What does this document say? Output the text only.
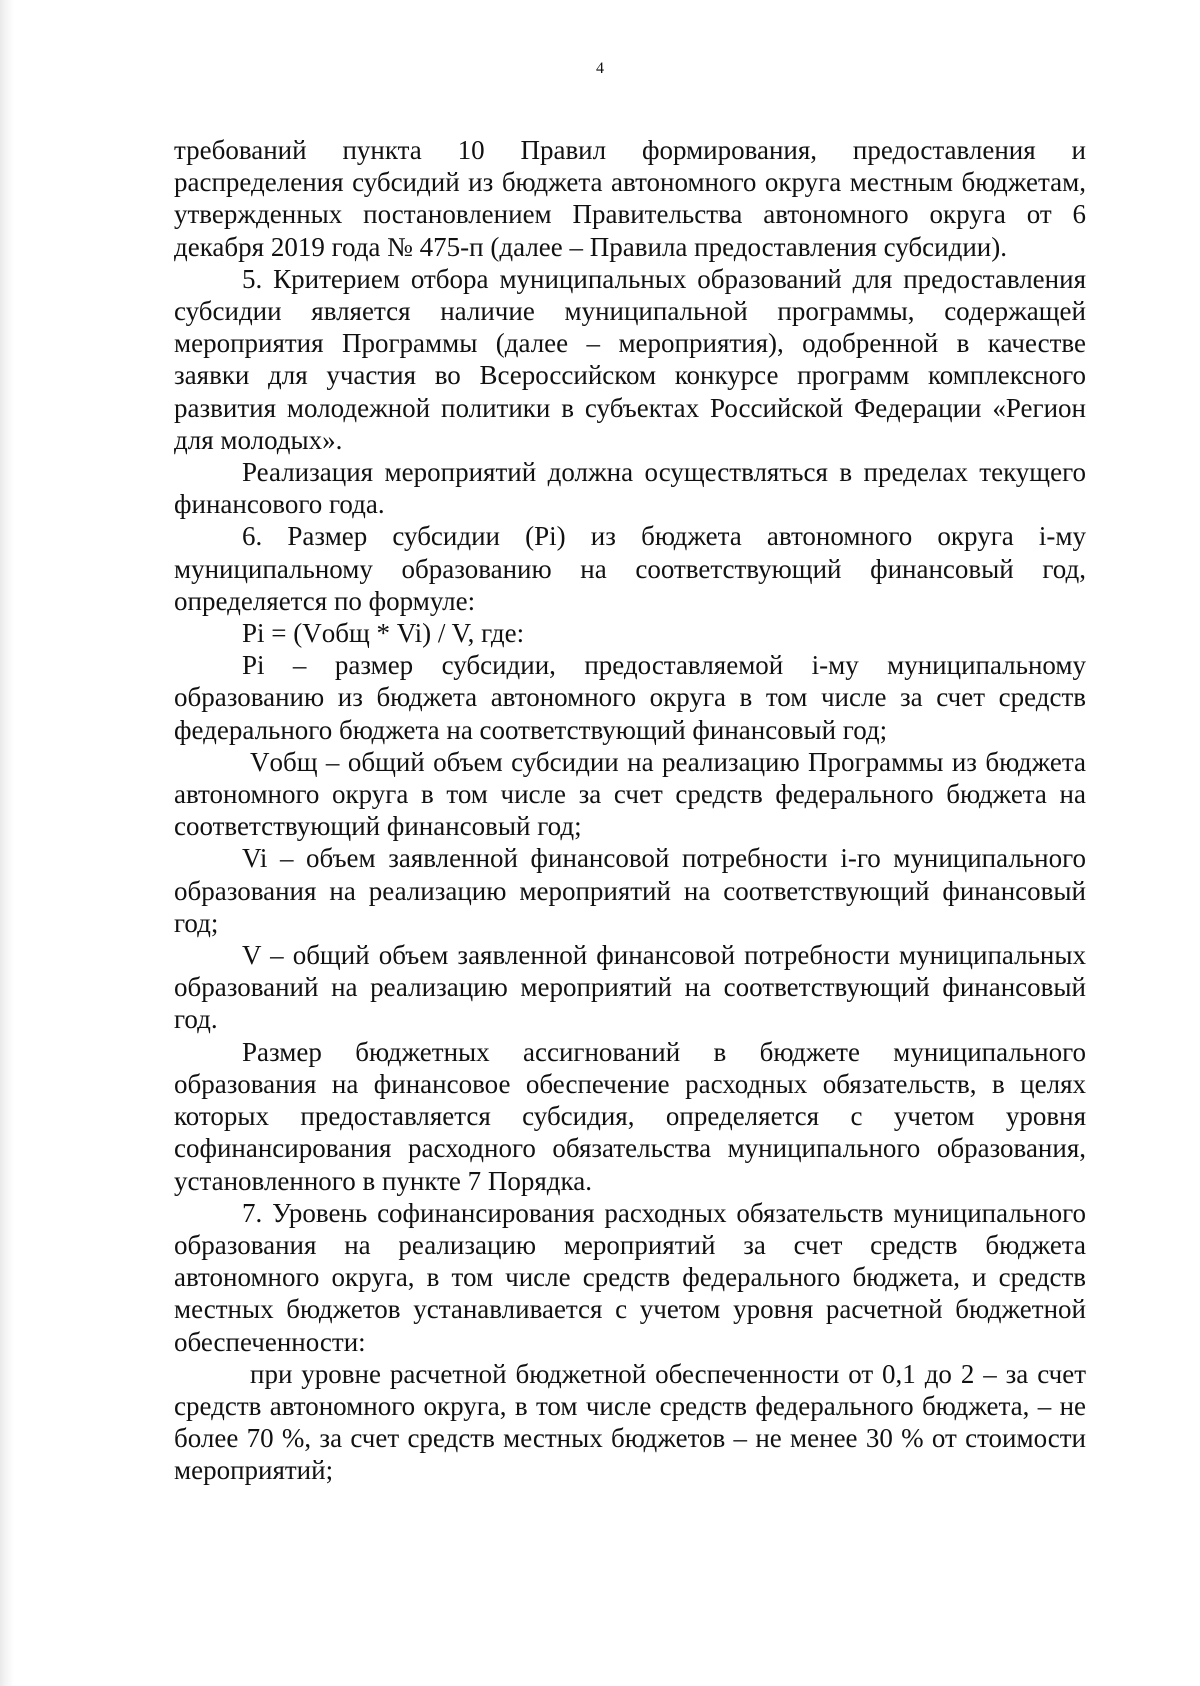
4

требований пункта 10 Правил формирования, предоставления и распределения субсидий из бюджета автономного округа местным бюджетам, утвержденных постановлением Правительства автономного округа от 6 декабря 2019 года № 475-п (далее – Правила предоставления субсидии).

5. Критерием отбора муниципальных образований для предоставления субсидии является наличие муниципальной программы, содержащей мероприятия Программы (далее – мероприятия), одобренной в качестве заявки для участия во Всероссийском конкурсе программ комплексного развития молодежной политики в субъектах Российской Федерации «Регион для молодых».

Реализация мероприятий должна осуществляться в пределах текущего финансового года.

6. Размер субсидии (Pi) из бюджета автономного округа i-му муниципальному образованию на соответствующий финансовый год, определяется по формуле:

Pi = (Vобщ * Vi) / V, где:

Pi – размер субсидии, предоставляемой i-му муниципальному образованию из бюджета автономного округа в том числе за счет средств федерального бюджета на соответствующий финансовый год;

Vобщ – общий объем субсидии на реализацию Программы из бюджета автономного округа в том числе за счет средств федерального бюджета на соответствующий финансовый год;

Vi – объем заявленной финансовой потребности i-го муниципального образования на реализацию мероприятий на соответствующий финансовый год;

V – общий объем заявленной финансовой потребности муниципальных образований на реализацию мероприятий на соответствующий финансовый год.

Размер бюджетных ассигнований в бюджете муниципального образования на финансовое обеспечение расходных обязательств, в целях которых предоставляется субсидия, определяется с учетом уровня софинансирования расходного обязательства муниципального образования, установленного в пункте 7 Порядка.

7. Уровень софинансирования расходных обязательств муниципального образования на реализацию мероприятий за счет средств бюджета автономного округа, в том числе средств федерального бюджета, и средств местных бюджетов устанавливается с учетом уровня расчетной бюджетной обеспеченности:

при уровне расчетной бюджетной обеспеченности от 0,1 до 2 – за счет средств автономного округа, в том числе средств федерального бюджета, – не более 70 %, за счет средств местных бюджетов – не менее 30 % от стоимости мероприятий;
